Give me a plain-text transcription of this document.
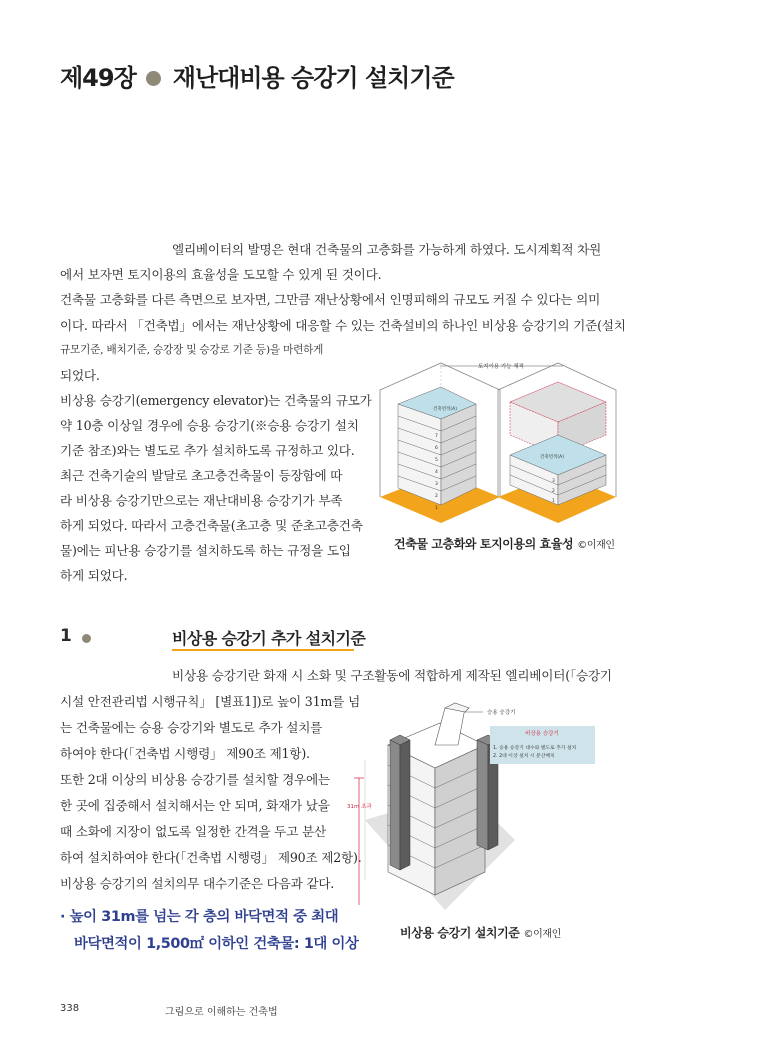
제49장 재난대비용 승강기 설치기준
엘리베이터의 발명은 현대 건축물의 고층화를 가능하게 하였다. 도시계획적 차원
에서 보자면 토지이용의 효율성을 도모할 수 있게 된 것이다.
건축물 고층화를 다른 측면으로 보자면, 그만큼 재난상황에서 인명피해의 규모도 커질 수 있다는 의미
이다. 따라서 「건축법」에서는 재난상황에 대응할 수 있는 건축설비의 하나인 비상용 승강기의 기준(설치
규모기준, 배치기준, 승강장 및 승강로 기준 등)을 마련하게
되었다.
비상용 승강기(emergency elevator)는 건축물의 규모가
약 10층 이상일 경우에 승용 승강기(※승용 승강기 설치
기준 참조)와는 별도로 추가 설치하도록 규정하고 있다.
최근 건축기술의 발달로 초고층건축물이 등장함에 따
라 비상용 승강기만으로는 재난대비용 승강기가 부족
하게 되었다. 따라서 고층건축물(초고층 및 준초고층건축
물)에는 피난용 승강기를 설치하도록 하는 규정을 도입
하게 되었다.
토지이용 가능 체적
건축면적(A)
7
6
5
4
3
2
1
건축면적(A)
3
2
1
건축물 고층화와 토지이용의 효율성 ©이재인
1	비상용 승강기 추가 설치기준
비상용 승강기란 화재 시 소화 및 구조활동에 적합하게 제작된 엘리베이터(「승강기
시설 안전관리법 시행규칙」 [별표1])로 높이 31m를 넘
는 건축물에는 승용 승강기와 별도로 추가 설치를
하여야 한다(「건축법 시행령」 제90조 제1항).
또한 2대 이상의 비상용 승강기를 설치할 경우에는
한 곳에 집중해서 설치해서는 안 되며, 화재가 났을
때 소화에 지장이 없도록 일정한 간격을 두고 분산
하여 설치하여야 한다(「건축법 시행령」 제90조 제2항).
비상용 승강기의 설치의무 대수기준은 다음과 같다.
· 높이 31m를 넘는 각 층의 바닥면적 중 최대
바닥면적이 1,500㎡ 이하인 건축물: 1대 이상
31m 초과
승용 승강기
비상용 승강기
1. 승용 승강기 대수와 별도로 추가 설치
2. 2대 이상 설치 시 분산배치
비상용 승강기 설치기준 ©이재인
338	그림으로 이해하는 건축법
